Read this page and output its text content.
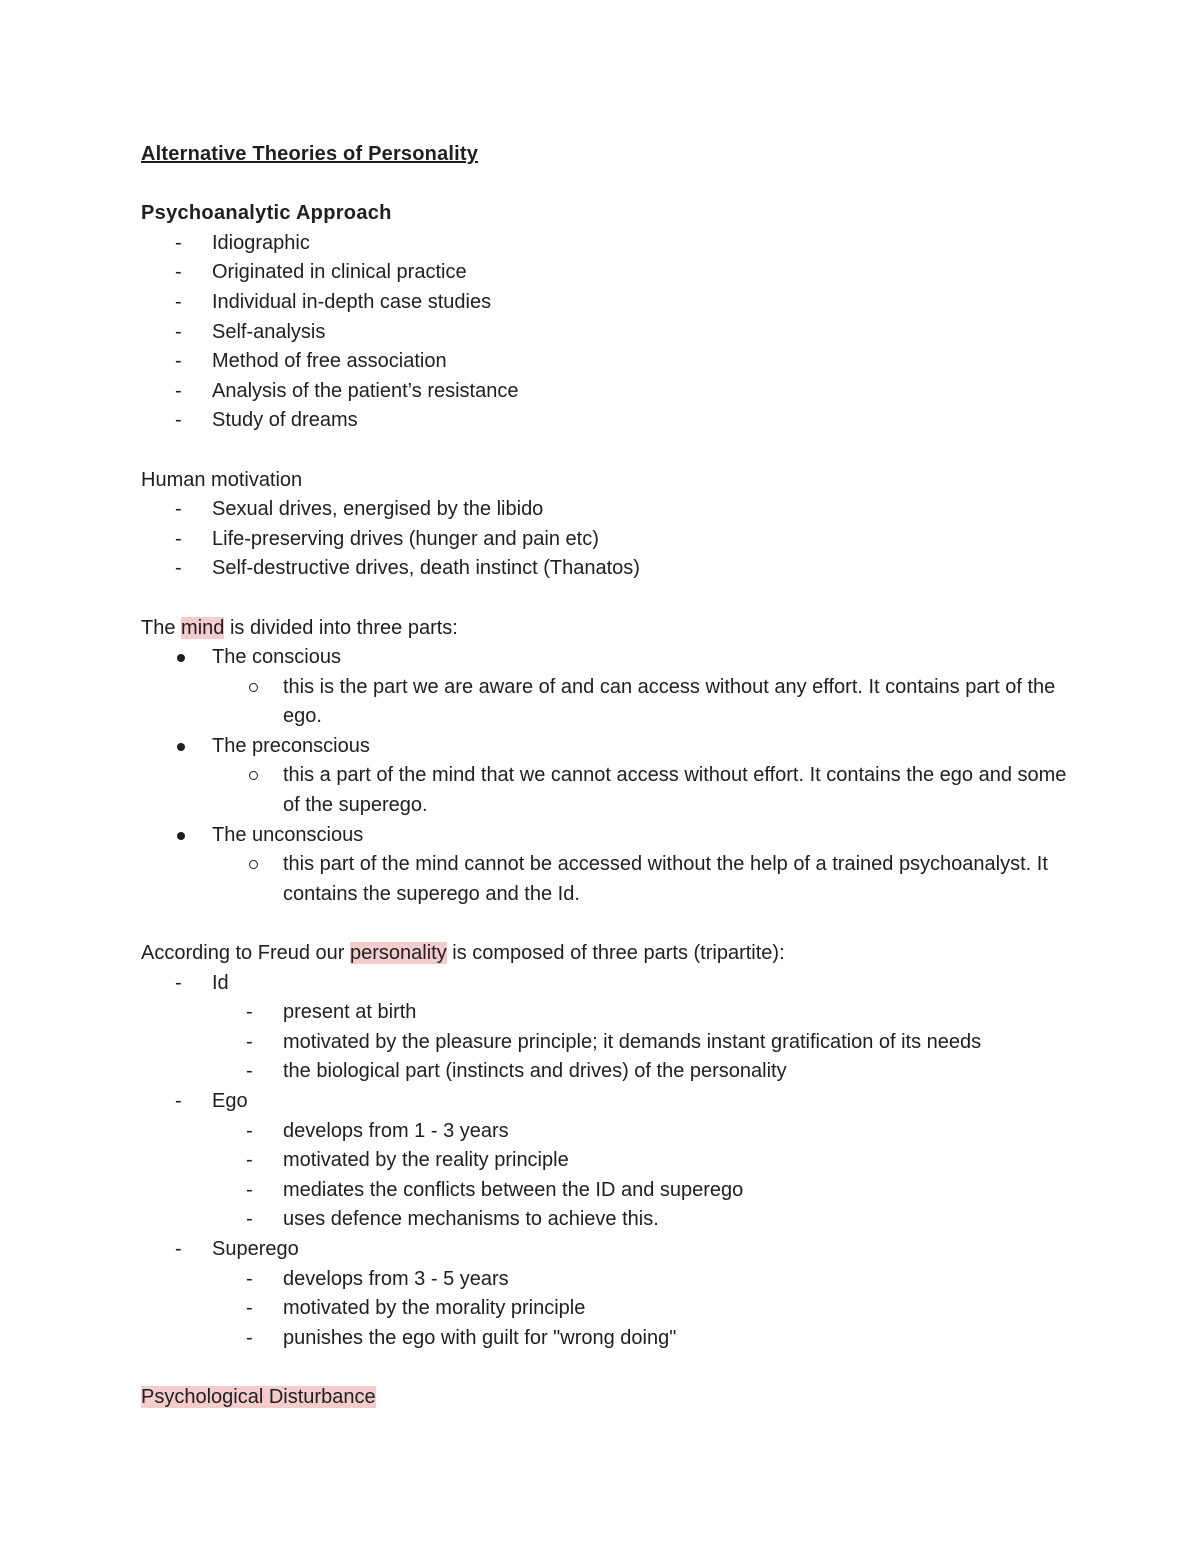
Alternative Theories of Personality
Psychoanalytic Approach
-
Idiographic
-
Originated in clinical practice
-
Individual in-depth case studies
-
Self-analysis
-
Method of free association
-
Analysis of the patient’s resistance
-
Study of dreams
Human motivation
-
Sexual drives, energised by the libido
-
Life-preserving drives (hunger and pain etc)
-
Self-destructive drives, death instinct (Thanatos)
The mind is divided into three parts:
The conscious
this is the part we are aware of and can access without any effort. It contains part of the ego.
The preconscious
this a part of the mind that we cannot access without effort. It contains the ego and some of the superego.
The unconscious
this part of the mind cannot be accessed without the help of a trained psychoanalyst. It contains the superego and the Id.
According to Freud our personality is composed of three parts (tripartite):
-
Id
-
present at birth
-
motivated by the pleasure principle; it demands instant gratification of its needs
-
the biological part (instincts and drives) of the personality
-
Ego
-
develops from 1 - 3 years
-
motivated by the reality principle
-
mediates the conflicts between the ID and superego
-
uses defence mechanisms to achieve this.
-
Superego
-
develops from 3 - 5 years
-
motivated by the morality principle
-
punishes the ego with guilt for "wrong doing"
Psychological Disturbance
